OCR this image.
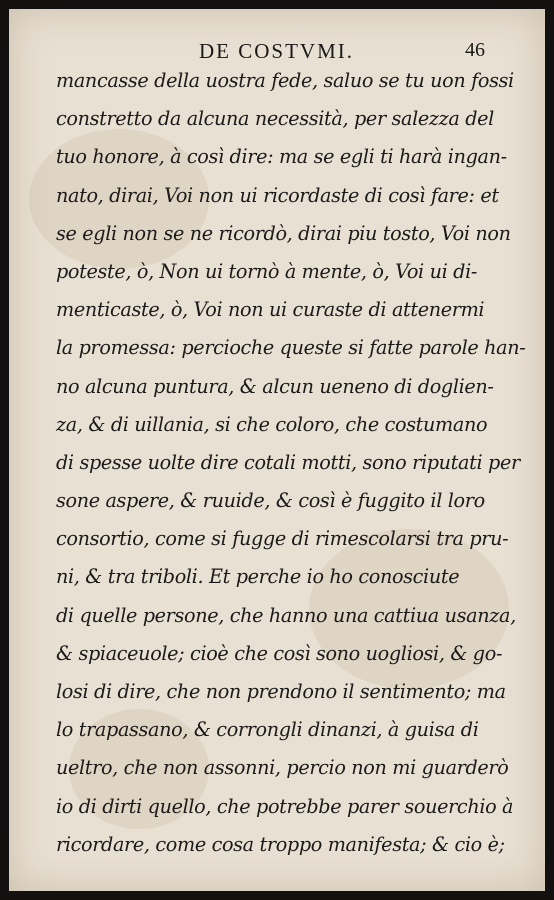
DE COSTVMI.	46
mancasse della uostra fede, saluo se tu uon fossi
constretto da alcuna necessità, per salezza del
tuo honore, à così dire: ma se egli ti harà ingan-
nato, dirai, Voi non ui ricordaste di così fare: et
se egli non se ne ricordò, dirai piu tosto, Voi non
poteste, ò, Non ui tornò à mente, ò, Voi ui di-
menticaste, ò, Voi non ui curaste di attenermi
la promessa: percioche queste si fatte parole han-
no alcuna puntura, & alcun ueneno di doglien-
za, & di uillania, si che coloro, che costumano
di spesse uolte dire cotali motti, sono riputati per
sone aspere, & ruuide, & così è fuggito il loro
consortio, come si fugge di rimescolarsi tra pru-
ni, & tra triboli. Et perche io ho conosciute
di quelle persone, che hanno una cattiua usanza,
& spiaceuole; cioè che così sono uogliosi, & go-
losi di dire, che non prendono il sentimento; ma
lo trapassano, & corrongli dinanzi, à guisa di
ueltro, che non assonni, percio non mi guarderò
io di dirti quello, che potrebbe parer souerchio à
ricordare, come cosa troppo manifesta; & cio è;
